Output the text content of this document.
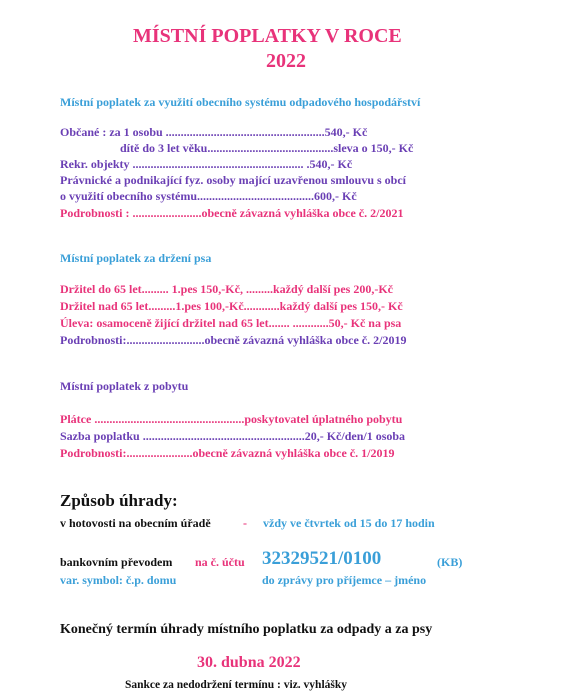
MÍSTNÍ POPLATKY V ROCE
2022
Místní poplatek za využití obecního systému odpadového hospodářství
Občané : za 1 osobu .....................................................540,- Kč
dítě do 3 let věku..........................................sleva o 150,- Kč
Rekr. objekty ......................................................... .540,- Kč
Právnické a podnikající fyz. osoby mající uzavřenou smlouvu s obcí
o využití obecního systému.......................................600,- Kč
Podrobnosti : .......................obecně závazná vyhláška obce č. 2/2021
Místní poplatek za držení psa
Držitel do 65 let......... 1.pes 150,-Kč, .........každý další pes 200,-Kč
Držitel nad 65 let.........1.pes 100,-Kč............každý další pes 150,- Kč
Úleva: osamoceně žijící držitel nad 65 let....... ............50,- Kč na psa
Podrobnosti:..........................obecně závazná vyhláška obce č. 2/2019
Místní poplatek z pobytu
Plátce ..................................................poskytovatel úplatného pobytu
Sazba poplatku ......................................................20,- Kč/den/1 osoba
Podrobnosti:......................obecně závazná vyhláška obce č. 1/2019
Způsob úhrady:
v hotovosti na obecním úřadě	- vždy ve čtvrtek od 15 do 17 hodin
bankovním převodem na č. účtu 32329521/0100	(KB)
var. symbol: č.p. domu	do zprávy pro příjemce – jméno
Konečný termín úhrady místního poplatku za odpady a za psy
30. dubna 2022
Sankce za nedodržení termínu : viz. vyhlášky
